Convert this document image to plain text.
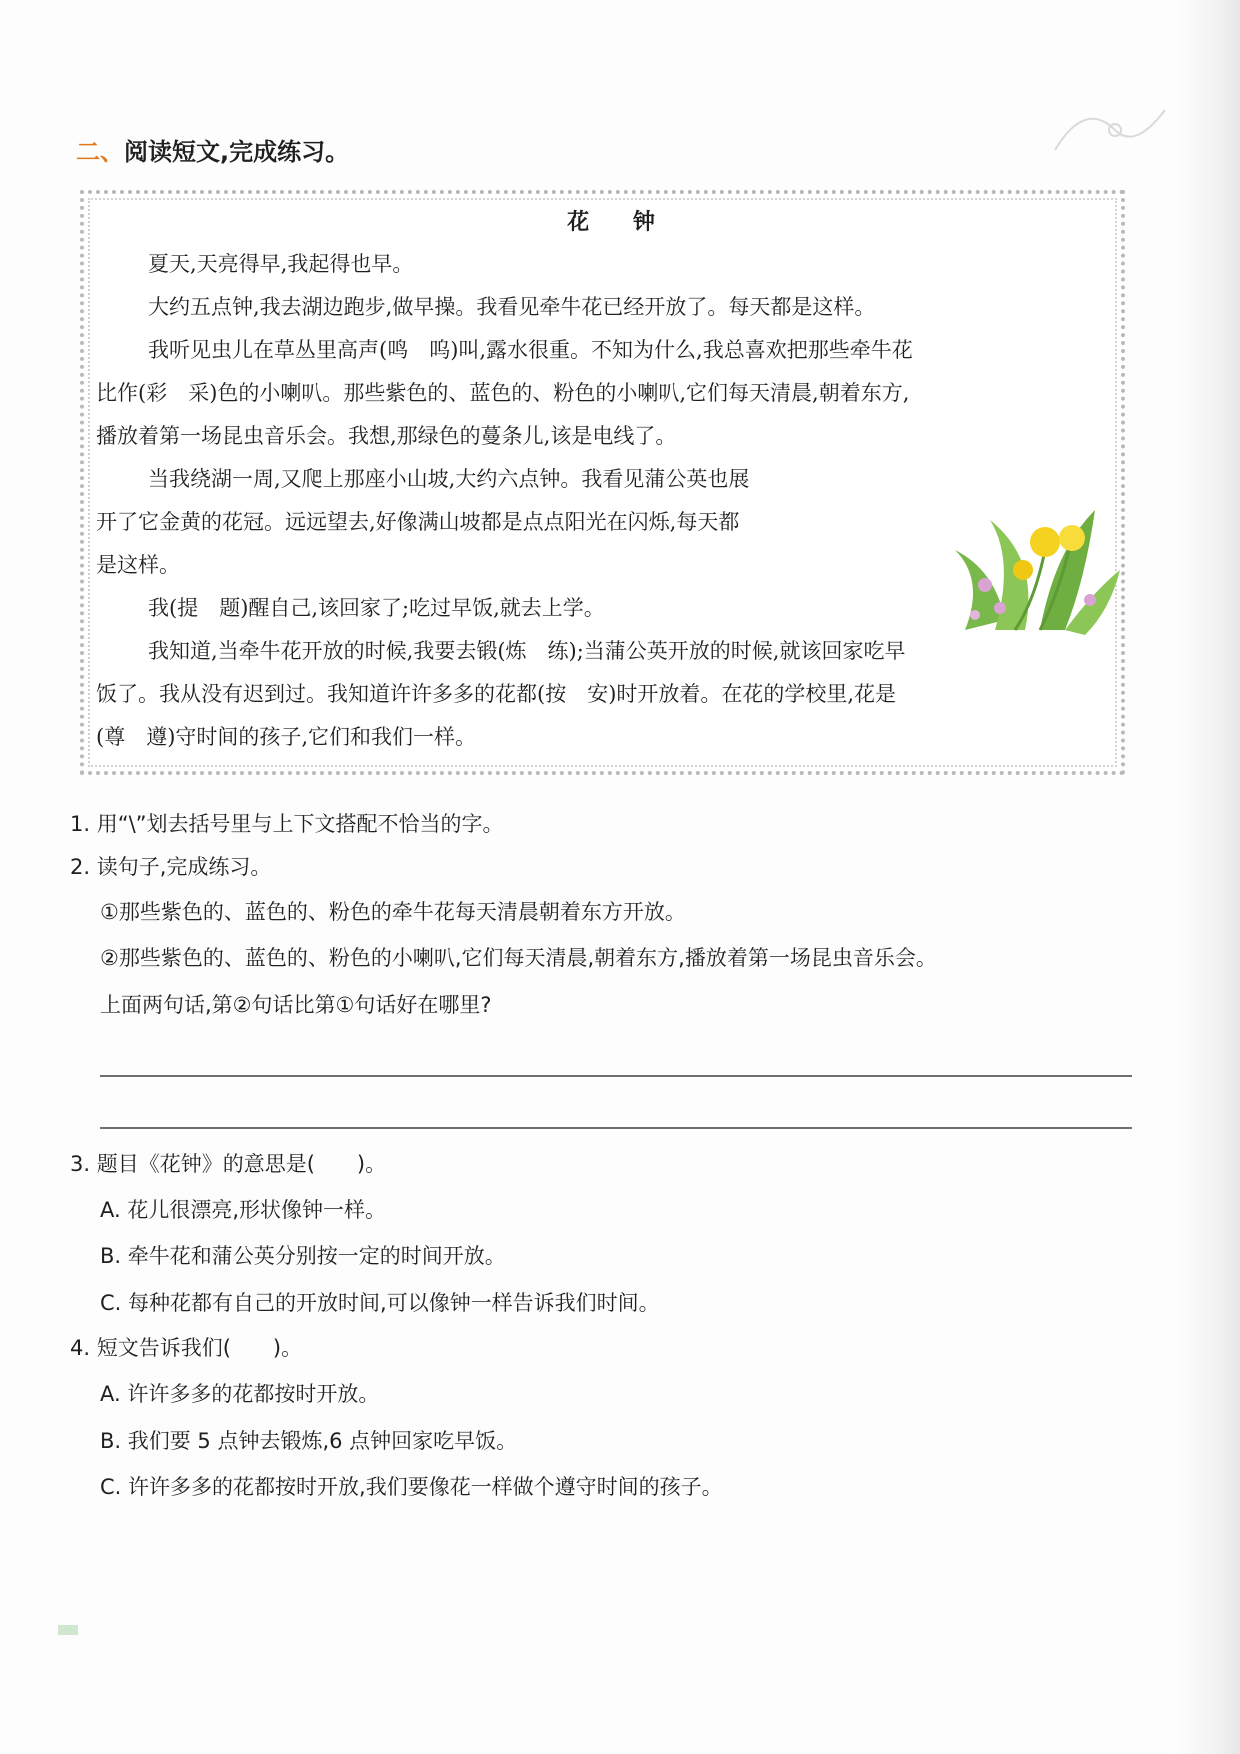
二、阅读短文,完成练习。
花 钟
夏天,天亮得早,我起得也早。
大约五点钟,我去湖边跑步,做早操。我看见牵牛花已经开放了。每天都是这样。
我听见虫儿在草丛里高声(鸣　呜)叫,露水很重。不知为什么,我总喜欢把那些牵牛花
比作(彩　采)色的小喇叭。那些紫色的、蓝色的、粉色的小喇叭,它们每天清晨,朝着东方,
播放着第一场昆虫音乐会。我想,那绿色的蔓条儿,该是电线了。
当我绕湖一周,又爬上那座小山坡,大约六点钟。我看见蒲公英也展
开了它金黄的花冠。远远望去,好像满山坡都是点点阳光在闪烁,每天都
是这样。
我(提　题)醒自己,该回家了;吃过早饭,就去上学。
我知道,当牵牛花开放的时候,我要去锻(炼　练);当蒲公英开放的时候,就该回家吃早
饭了。我从没有迟到过。我知道许许多多的花都(按　安)时开放着。在花的学校里,花是
(尊　遵)守时间的孩子,它们和我们一样。
1. 用“\”划去括号里与上下文搭配不恰当的字。
2. 读句子,完成练习。
①那些紫色的、蓝色的、粉色的牵牛花每天清晨朝着东方开放。
②那些紫色的、蓝色的、粉色的小喇叭,它们每天清晨,朝着东方,播放着第一场昆虫音乐会。
上面两句话,第②句话比第①句话好在哪里?
3. 题目《花钟》的意思是(　　)。
A. 花儿很漂亮,形状像钟一样。
B. 牵牛花和蒲公英分别按一定的时间开放。
C. 每种花都有自己的开放时间,可以像钟一样告诉我们时间。
4. 短文告诉我们(　　)。
A. 许许多多的花都按时开放。
B. 我们要 5 点钟去锻炼,6 点钟回家吃早饭。
C. 许许多多的花都按时开放,我们要像花一样做个遵守时间的孩子。
